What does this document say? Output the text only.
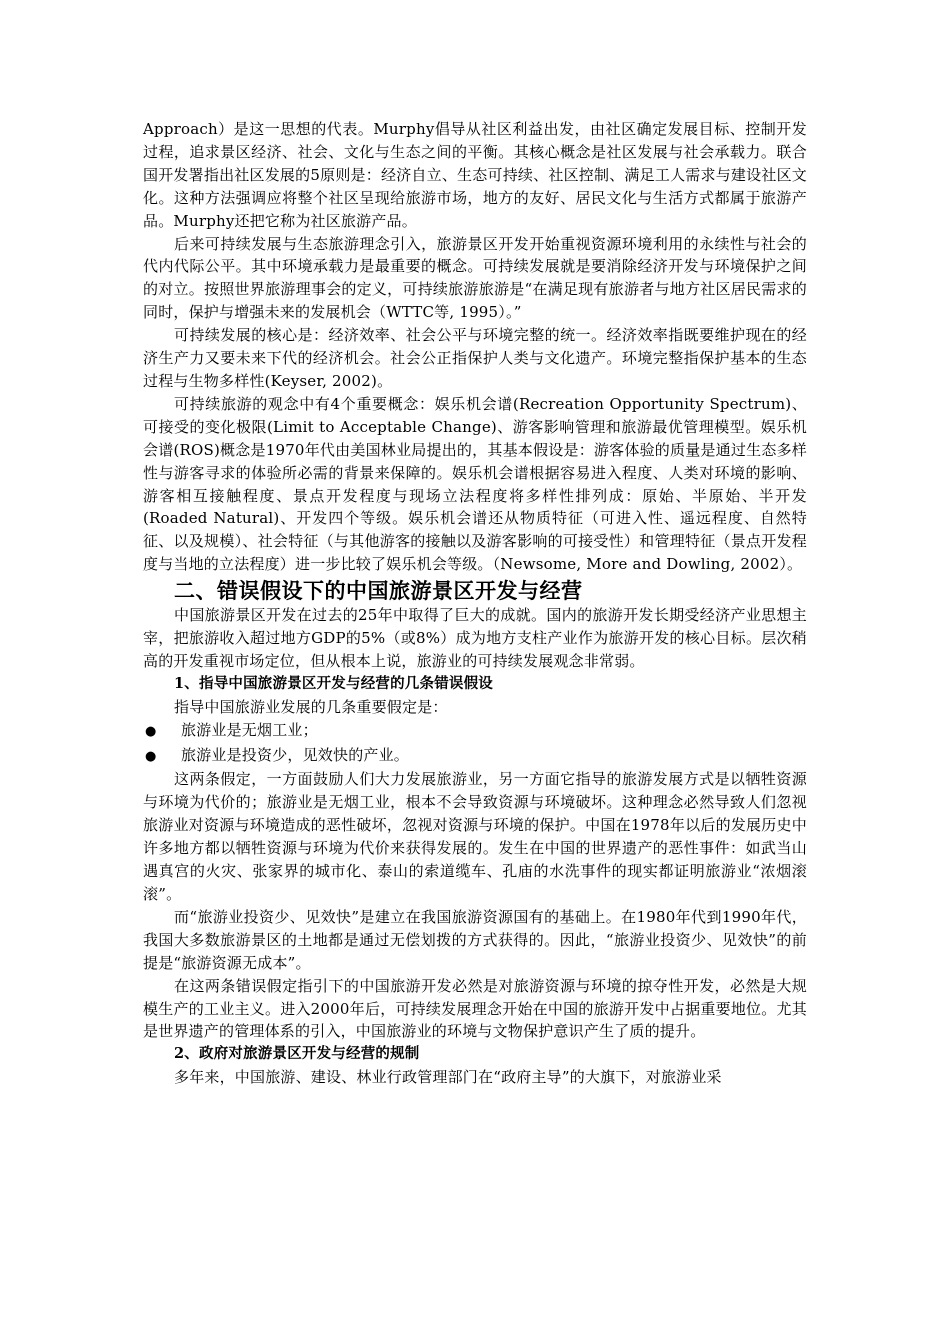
Approach）是这一思想的代表。Murphy倡导从社区利益出发，由社区确定发展目标、控制开发过程，追求景区经济、社会、文化与生态之间的平衡。其核心概念是社区发展与社会承载力。联合国开发署指出社区发展的5原则是：经济自立、生态可持续、社区控制、满足工人需求与建设社区文化。这种方法强调应将整个社区呈现给旅游市场，地方的友好、居民文化与生活方式都属于旅游产品。Murphy还把它称为社区旅游产品。

后来可持续发展与生态旅游理念引入，旅游景区开发开始重视资源环境利用的永续性与社会的代内代际公平。其中环境承载力是最重要的概念。可持续发展就是要消除经济开发与环境保护之间的对立。按照世界旅游理事会的定义，可持续旅游旅游是“在满足现有旅游者与地方社区居民需求的同时，保护与增强未来的发展机会（WTTC等, 1995）。”

可持续发展的核心是：经济效率、社会公平与环境完整的统一。经济效率指既要维护现在的经济生产力又要未来下代的经济机会。社会公正指保护人类与文化遗产。环境完整指保护基本的生态过程与生物多样性(Keyser, 2002)。

可持续旅游的观念中有4个重要概念：娱乐机会谱(Recreation Opportunity Spectrum)、可接受的变化极限(Limit to Acceptable Change)、游客影响管理和旅游最优管理模型。娱乐机会谱(ROS)概念是1970年代由美国林业局提出的，其基本假设是：游客体验的质量是通过生态多样性与游客寻求的体验所必需的背景来保障的。娱乐机会谱根据容易进入程度、人类对环境的影响、游客相互接触程度、景点开发程度与现场立法程度将多样性排列成：原始、半原始、半开发(Roaded Natural)、开发四个等级。娱乐机会谱还从物质特征（可进入性、遥远程度、自然特征、以及规模）、社会特征（与其他游客的接触以及游客影响的可接受性）和管理特征（景点开发程度与当地的立法程度）进一步比较了娱乐机会等级。（Newsome, More and Dowling, 2002）。

二、错误假设下的中国旅游景区开发与经营

中国旅游景区开发在过去的25年中取得了巨大的成就。国内的旅游开发长期受经济产业思想主宰，把旅游收入超过地方GDP的5%（或8%）成为地方支柱产业作为旅游开发的核心目标。层次稍高的开发重视市场定位，但从根本上说，旅游业的可持续发展观念非常弱。

1、指导中国旅游景区开发与经营的几条错误假设

指导中国旅游业发展的几条重要假定是：

●	旅游业是无烟工业；
●	旅游业是投资少，见效快的产业。

这两条假定，一方面鼓励人们大力发展旅游业，另一方面它指导的旅游发展方式是以牺牲资源与环境为代价的；旅游业是无烟工业，根本不会导致资源与环境破坏。这种理念必然导致人们忽视旅游业对资源与环境造成的恶性破坏，忽视对资源与环境的保护。中国在1978年以后的发展历史中许多地方都以牺牲资源与环境为代价来获得发展的。发生在中国的世界遗产的恶性事件：如武当山遇真宫的火灾、张家界的城市化、泰山的索道缆车、孔庙的水洗事件的现实都证明旅游业“浓烟滚滚”。

而“旅游业投资少、见效快”是建立在我国旅游资源国有的基础上。在1980年代到1990年代，我国大多数旅游景区的土地都是通过无偿划拨的方式获得的。因此，“旅游业投资少、见效快”的前提是“旅游资源无成本”。

在这两条错误假定指引下的中国旅游开发必然是对旅游资源与环境的掠夺性开发，必然是大规模生产的工业主义。进入2000年后，可持续发展理念开始在中国的旅游开发中占据重要地位。尤其是世界遗产的管理体系的引入，中国旅游业的环境与文物保护意识产生了质的提升。

2、政府对旅游景区开发与经营的规制

多年来，中国旅游、建设、林业行政管理部门在“政府主导”的大旗下，对旅游业采
